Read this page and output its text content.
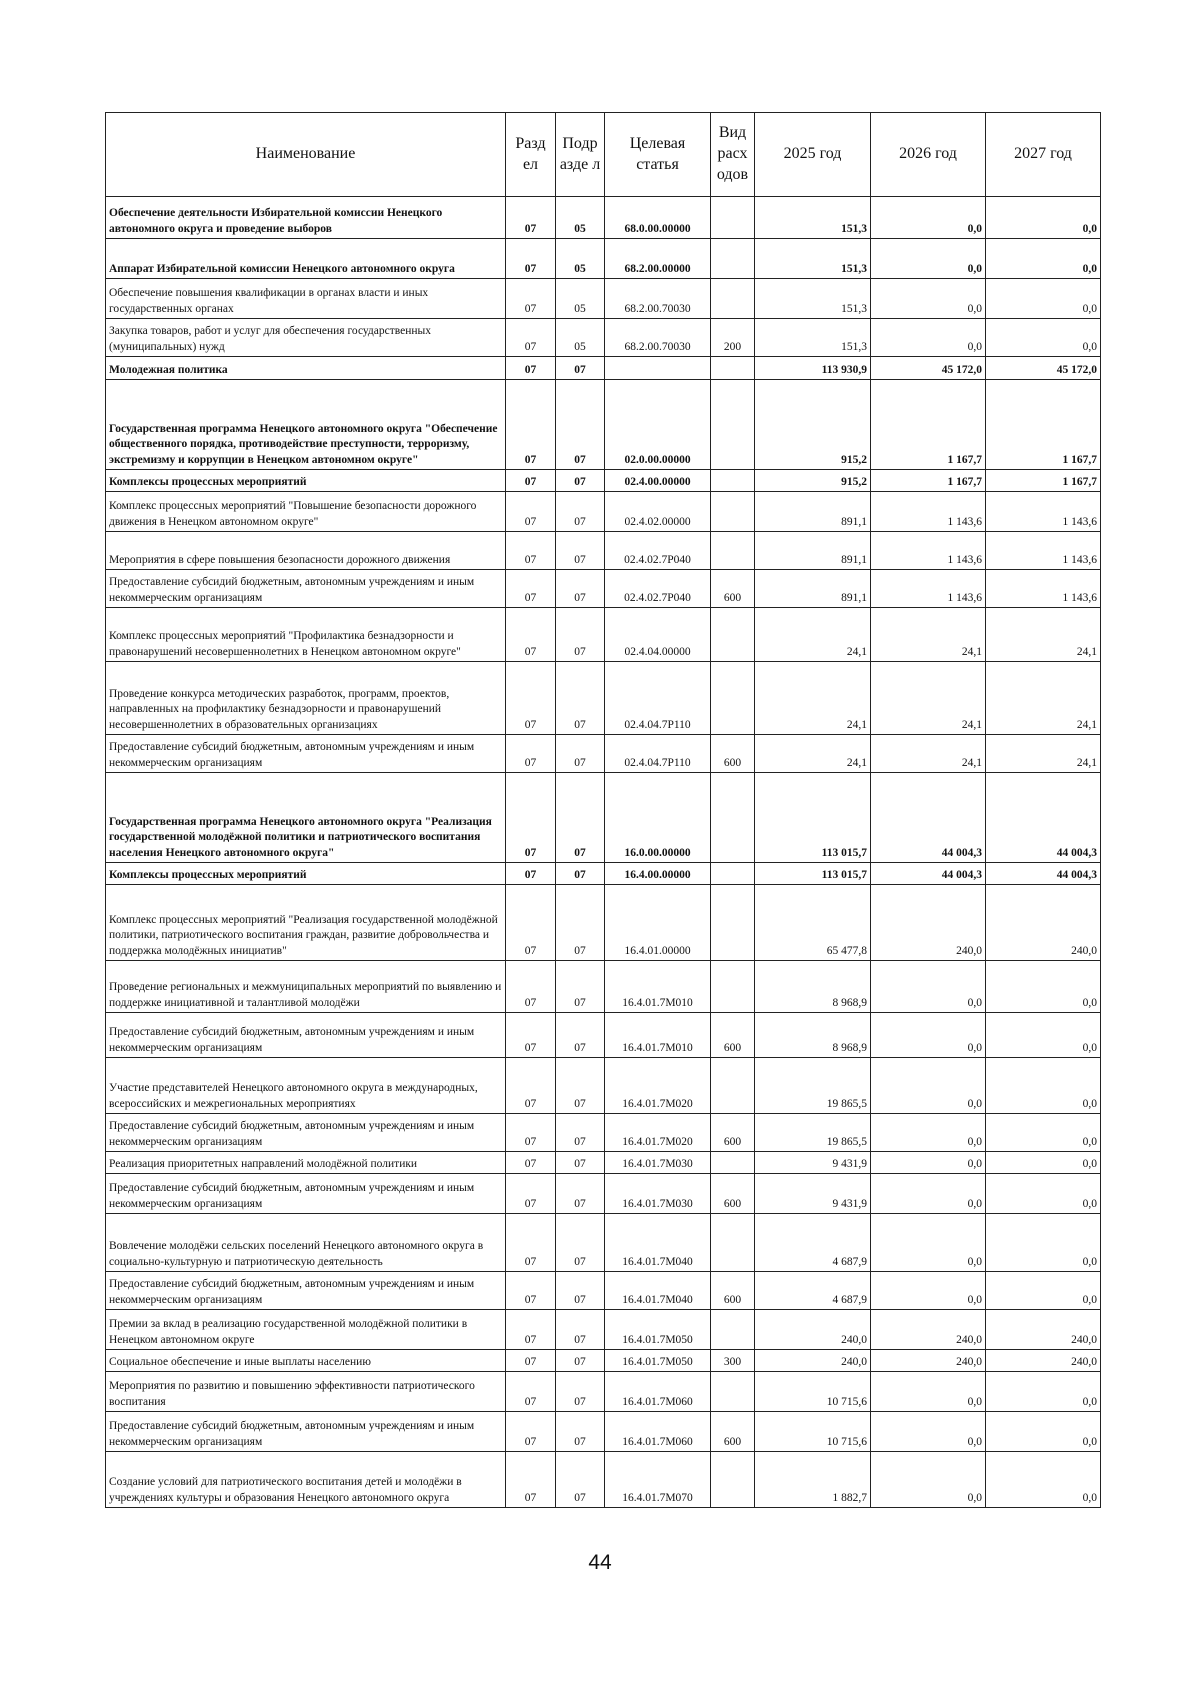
Наименование	Разд ел	Подр азде л	Целевая статья	Вид расх одов	2025 год	2026 год	2027 год
Обеспечение деятельности Избирательной комиссии Ненецкого автономного округа и проведение выборов	07	05	68.0.00.00000		151,3	0,0	0,0
Аппарат Избирательной комиссии Ненецкого автономного округа	07	05	68.2.00.00000		151,3	0,0	0,0
Обеспечение повышения квалификации в органах власти и иных государственных органах	07	05	68.2.00.70030		151,3	0,0	0,0
Закупка товаров, работ и услуг для обеспечения государственных (муниципальных) нужд	07	05	68.2.00.70030	200	151,3	0,0	0,0
Молодежная политика	07	07			113 930,9	45 172,0	45 172,0
Государственная программа Ненецкого автономного округа "Обеспечение общественного порядка, противодействие преступности, терроризму, экстремизму и коррупции в Ненецком автономном округе"	07	07	02.0.00.00000		915,2	1 167,7	1 167,7
Комплексы процессных мероприятий	07	07	02.4.00.00000		915,2	1 167,7	1 167,7
Комплекс процессных мероприятий "Повышение безопасности дорожного движения в Ненецком автономном округе"	07	07	02.4.02.00000		891,1	1 143,6	1 143,6
Мероприятия в сфере повышения безопасности дорожного движения	07	07	02.4.02.7Р040		891,1	1 143,6	1 143,6
Предоставление субсидий бюджетным, автономным учреждениям и иным некоммерческим организациям	07	07	02.4.02.7Р040	600	891,1	1 143,6	1 143,6
Комплекс процессных мероприятий "Профилактика безнадзорности и правонарушений несовершеннолетних в Ненецком автономном округе"	07	07	02.4.04.00000		24,1	24,1	24,1
Проведение конкурса методических разработок, программ, проектов, направленных на профилактику безнадзорности и правонарушений несовершеннолетних в образовательных организациях	07	07	02.4.04.7Р110		24,1	24,1	24,1
Предоставление субсидий бюджетным, автономным учреждениям и иным некоммерческим организациям	07	07	02.4.04.7Р110	600	24,1	24,1	24,1
Государственная программа Ненецкого автономного округа "Реализация государственной молодёжной политики и патриотического воспитания населения Ненецкого автономного округа"	07	07	16.0.00.00000		113 015,7	44 004,3	44 004,3
Комплексы процессных мероприятий	07	07	16.4.00.00000		113 015,7	44 004,3	44 004,3
Комплекс процессных мероприятий "Реализация государственной молодёжной политики, патриотического воспитания граждан, развитие добровольчества и поддержка молодёжных инициатив"	07	07	16.4.01.00000		65 477,8	240,0	240,0
Проведение региональных и межмуниципальных мероприятий по выявлению и поддержке инициативной и талантливой молодёжи	07	07	16.4.01.7М010		8 968,9	0,0	0,0
Предоставление субсидий бюджетным, автономным учреждениям и иным некоммерческим организациям	07	07	16.4.01.7М010	600	8 968,9	0,0	0,0
Участие представителей Ненецкого автономного округа в международных, всероссийских и межрегиональных мероприятиях	07	07	16.4.01.7М020		19 865,5	0,0	0,0
Предоставление субсидий бюджетным, автономным учреждениям и иным некоммерческим организациям	07	07	16.4.01.7М020	600	19 865,5	0,0	0,0
Реализация приоритетных направлений молодёжной политики	07	07	16.4.01.7М030		9 431,9	0,0	0,0
Предоставление субсидий бюджетным, автономным учреждениям и иным некоммерческим организациям	07	07	16.4.01.7М030	600	9 431,9	0,0	0,0
Вовлечение молодёжи сельских поселений Ненецкого автономного округа в социально-культурную и патриотическую деятельность	07	07	16.4.01.7М040		4 687,9	0,0	0,0
Предоставление субсидий бюджетным, автономным учреждениям и иным некоммерческим организациям	07	07	16.4.01.7М040	600	4 687,9	0,0	0,0
Премии за вклад в реализацию государственной молодёжной политики в Ненецком автономном округе	07	07	16.4.01.7М050		240,0	240,0	240,0
Социальное обеспечение и иные выплаты населению	07	07	16.4.01.7М050	300	240,0	240,0	240,0
Мероприятия по развитию и повышению эффективности патриотического воспитания	07	07	16.4.01.7М060		10 715,6	0,0	0,0
Предоставление субсидий бюджетным, автономным учреждениям и иным некоммерческим организациям	07	07	16.4.01.7М060	600	10 715,6	0,0	0,0
Создание условий для патриотического воспитания детей и молодёжи в учреждениях культуры и образования Ненецкого автономного округа	07	07	16.4.01.7М070		1 882,7	0,0	0,0
44
